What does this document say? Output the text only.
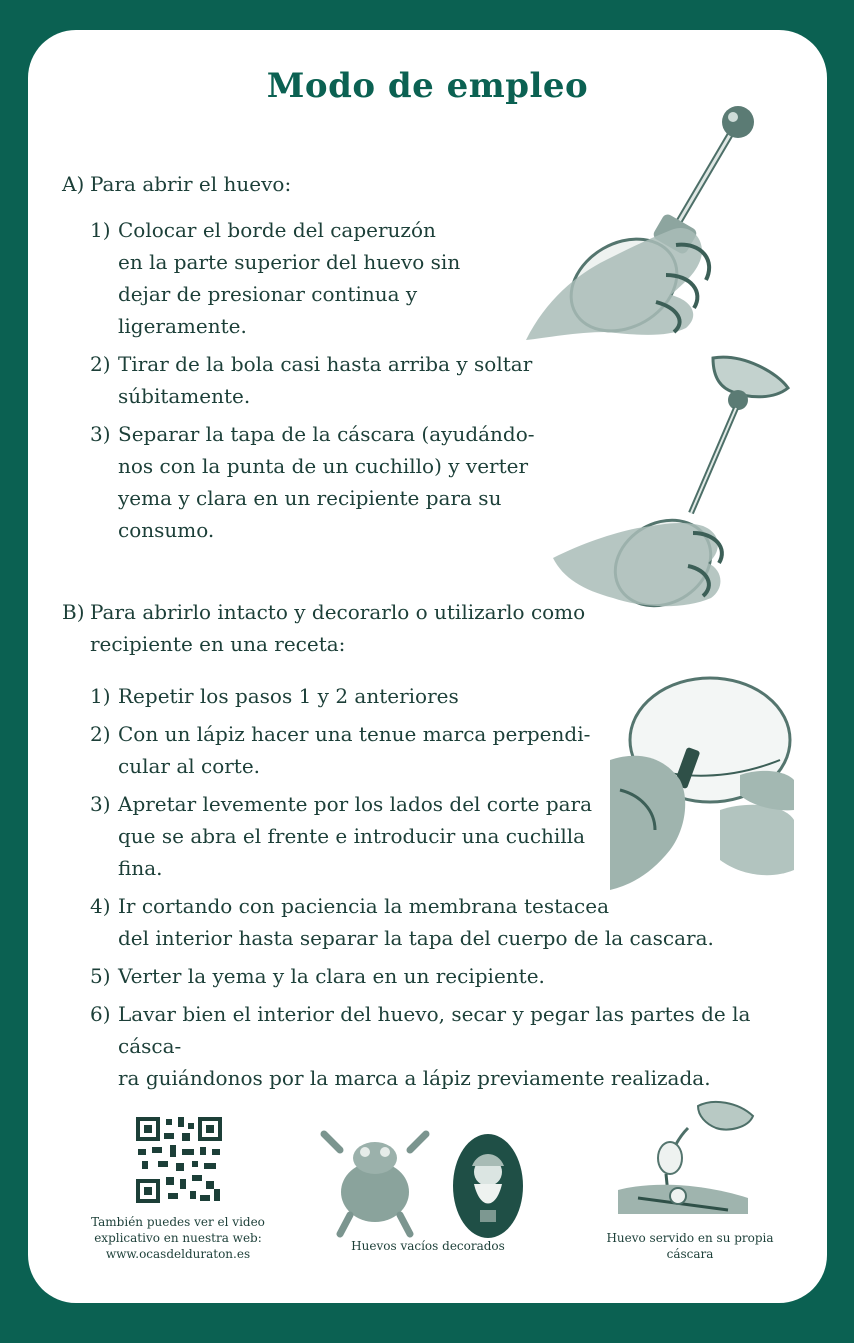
Modo de empleo
A) Para abrir el huevo:
1) Colocar el borde del caperuzón
en la parte superior del huevo sin
dejar de presionar continua y
ligeramente.
2) Tirar de la bola casi hasta arriba y soltar
súbitamente.
3) Separar la tapa de la cáscara (ayudándo-
nos con la punta de un cuchillo) y verter
yema y clara en un recipiente para su
consumo.
B) Para abrirlo intacto y decorarlo o utilizarlo como
recipiente en una receta:
1) Repetir los pasos 1 y 2 anteriores
2) Con un lápiz hacer una tenue marca perpendi-
cular al corte.
3) Apretar levemente por los lados del corte para
que se abra el frente e introducir una cuchilla
fina.
4) Ir cortando con paciencia la membrana testacea
del interior hasta separar la tapa del cuerpo de la cascara.
5) Verter la yema y la clara en un recipiente.
6) Lavar bien el interior del huevo, secar y pegar las partes de la cásca-
ra guiándonos por la marca a lápiz previamente realizada.
También puedes ver el video
explicativo en nuestra web:
www.ocasdelduraton.es
Huevos vacíos decorados
Huevo servido en su propia
cáscara
